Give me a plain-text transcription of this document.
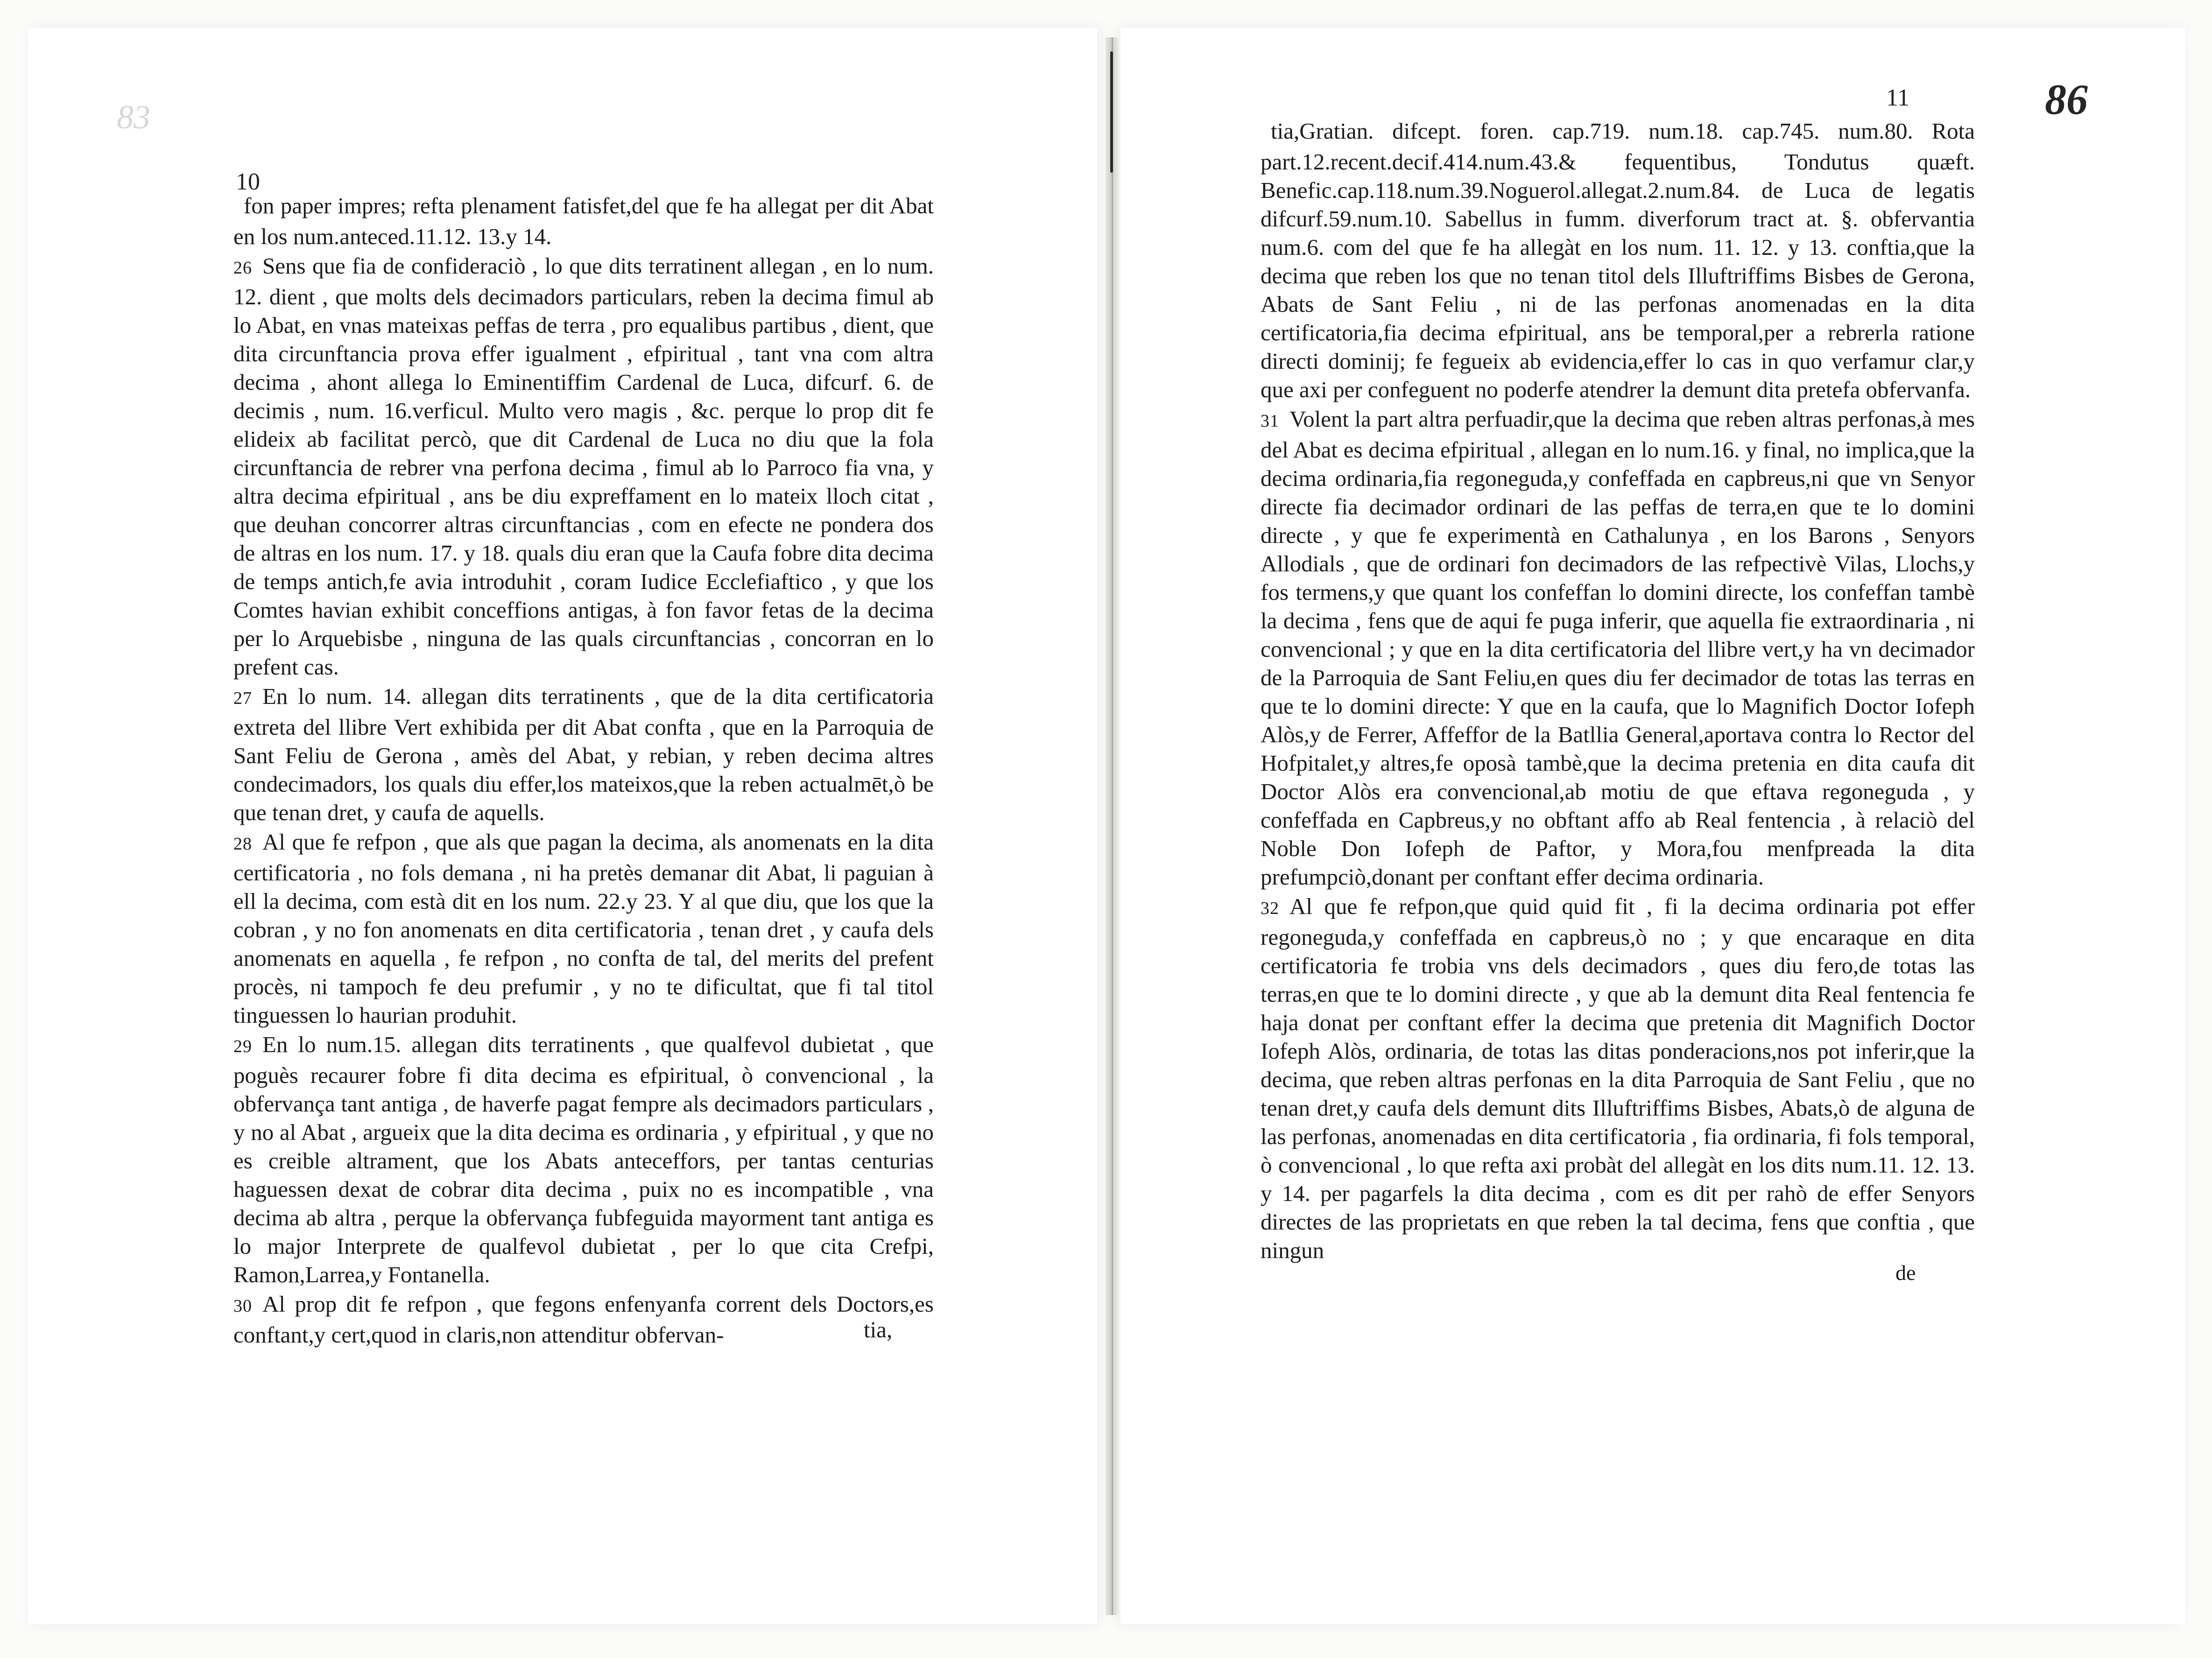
83
10

fon paper impres; refta plenament fatisfet,del que fe ha allegat per dit Abat en los num.anteced.11.12. 13.y 14.

26 Sens que fia de confideraciò , lo que dits terratinent allegan , en lo num. 12. dient , que molts dels decimadors particulars, reben la decima fimul ab lo Abat, en vnas mateixas peffas de terra , pro equalibus partibus , dient, que dita circunftancia prova effer igualment , efpiritual , tant vna com altra decima , ahont allega lo Eminentiffim Cardenal de Luca, difcurf. 6. de decimis , num. 16.verficul. Multo vero magis , &c. perque lo prop dit fe elideix ab facilitat percò, que dit Cardenal de Luca no diu que la fola circunftancia de rebrer vna perfona decima , fimul ab lo Parroco fia vna, y altra decima efpiritual , ans be diu expreffament en lo mateix lloch citat , que deuhan concorrer altras circunftancias , com en efecte ne pondera dos de altras en los num. 17. y 18. quals diu eran que la Caufa fobre dita decima de temps antich,fe avia introduhit , coram Iudice Ecclefiaftico , y que los Comtes havian exhibit conceffions antigas, à fon favor fetas de la decima per lo Arquebisbe , ninguna de las quals circunftancias , concorran en lo prefent cas.

27 En lo num. 14. allegan dits terratinents , que de la dita certificatoria extreta del llibre Vert exhibida per dit Abat confta , que en la Parroquia de Sant Feliu de Gerona , amès del Abat, y rebian, y reben decima altres condecimadors, los quals diu effer,los mateixos,que la reben actualmēt,ò be que tenan dret, y caufa de aquells.

28 Al que fe refpon , que als que pagan la decima, als anomenats en la dita certificatoria , no fols demana , ni ha pretès demanar dit Abat, li paguian à ell la decima, com està dit en los num. 22.y 23. Y al que diu, que los que la cobran , y no fon anomenats en dita certificatoria , tenan dret , y caufa dels anomenats en aquella , fe refpon , no confta de tal, del merits del prefent procès, ni tampoch fe deu prefumir , y no te dificultat, que fi tal titol tinguessen lo haurian produhit.

29 En lo num.15. allegan dits terratinents , que qualfevol dubietat , que poguès recaurer fobre fi dita decima es efpiritual, ò convencional , la obfervança tant antiga , de haverfe pagat fempre als decimadors particulars , y no al Abat , argueix que la dita decima es ordinaria , y efpiritual , y que no es creible altrament, que los Abats anteceffors, per tantas centurias haguessen dexat de cobrar dita decima , puix no es incompatible , vna decima ab altra , perque la obfervança fubfeguida mayorment tant antiga es lo major Interprete de qualfevol dubietat , per lo que cita Crefpi, Ramon,Larrea,y Fontanella.

30 Al prop dit fe refpon , que fegons enfenyanfa corrent dels Doctors,es conftant,y cert,quod in claris,non attenditur obfervan-	tia,
11	86

tia,Gratian. difcept. foren. cap.719. num.18. cap.745. num.80. Rota part.12.recent.decif.414.num.43.& fequentibus, Tondutus quæft. Benefic.cap.118.num.39.Noguerol.allegat.2.num.84. de Luca de legatis difcurf.59.num.10. Sabellus in fumm. diverforum tract at. §. obfervantia num.6. com del que fe ha allegàt en los num. 11. 12. y 13. conftia,que la decima que reben los que no tenan titol dels Illuftriffims Bisbes de Gerona, Abats de Sant Feliu , ni de las perfonas anomenadas en la dita certificatoria,fia decima efpiritual, ans be temporal,per a rebrerla ratione directi dominij; fe fegueix ab evidencia,effer lo cas in quo verfamur clar,y que axi per confeguent no poderfe atendrer la demunt dita pretefa obfervanfa.

31 Volent la part altra perfuadir,que la decima que reben altras perfonas,à mes del Abat es decima efpiritual , allegan en lo num.16. y final, no implica,que la decima ordinaria,fia regoneguda,y confeffada en capbreus,ni que vn Senyor directe fia decimador ordinari de las peffas de terra,en que te lo domini directe , y que fe experimentà en Cathalunya , en los Barons , Senyors Allodials , que de ordinari fon decimadors de las refpectivè Vilas, Llochs,y fos termens,y que quant los confeffan lo domini directe, los confeffan tambè la decima , fens que de aqui fe puga inferir, que aquella fie extraordinaria , ni convencional ; y que en la dita certificatoria del llibre vert,y ha vn decimador de la Parroquia de Sant Feliu,en ques diu fer decimador de totas las terras en que te lo domini directe: Y que en la caufa, que lo Magnifich Doctor Iofeph Alòs,y de Ferrer, Affeffor de la Batllia General,aportava contra lo Rector del Hofpitalet,y altres,fe oposà tambè,que la decima pretenia en dita caufa dit Doctor Alòs era convencional,ab motiu de que eftava regoneguda , y confeffada en Capbreus,y no obftant affo ab Real fentencia , à relaciò del Noble Don Iofeph de Paftor, y Mora,fou menfpreada la dita prefumpciò,donant per conftant effer decima ordinaria.

32 Al que fe refpon,que quid quid fit , fi la decima ordinaria pot effer regoneguda,y confeffada en capbreus,ò no ; y que encaraque en dita certificatoria fe trobia vns dels decimadors , ques diu fero,de totas las terras,en que te lo domini directe , y que ab la demunt dita Real fentencia fe haja donat per conftant effer la decima que pretenia dit Magnifich Doctor Iofeph Alòs, ordinaria, de totas las ditas ponderacions,nos pot inferir,que la decima, que reben altras perfonas en la dita Parroquia de Sant Feliu , que no tenan dret,y caufa dels demunt dits Illuftriffims Bisbes, Abats,ò de alguna de las perfonas, anomenadas en dita certificatoria , fia ordinaria, fi fols temporal, ò convencional , lo que refta axi probàt del allegàt en los dits num.11. 12. 13. y 14. per pagarfels la dita decima , com es dit per rahò de effer Senyors directes de las proprietats en que reben la tal decima, fens que conftia , que ningun

de
